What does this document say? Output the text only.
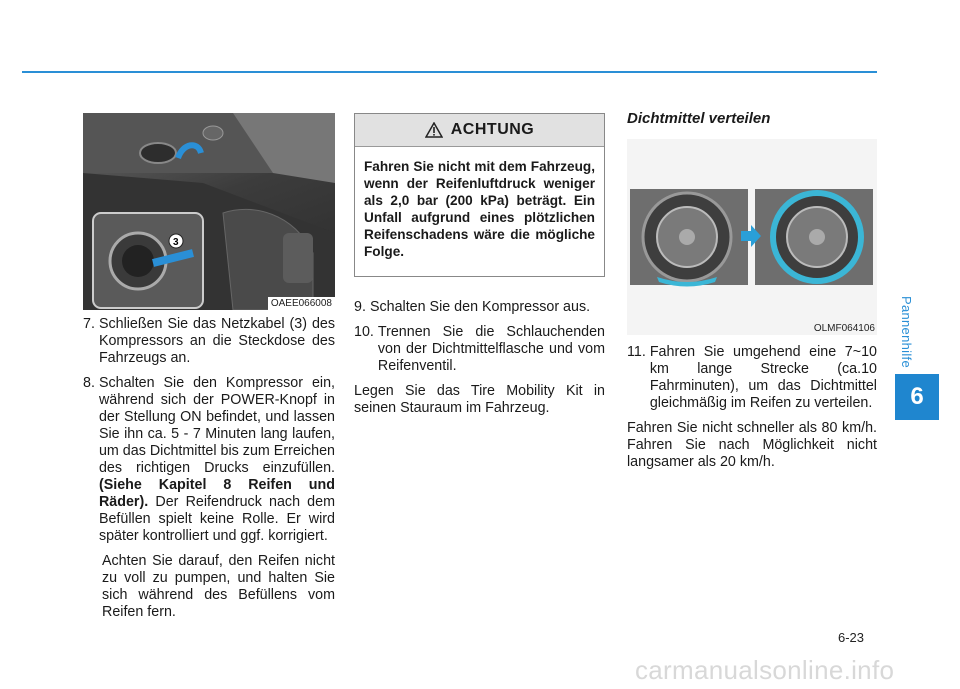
Pannenhilfe
6
3
OAEE066008
7. Schließen Sie das Netzkabel (3) des Kompressors an die Steckdose des Fahrzeugs an.
8. Schalten Sie den Kompressor ein, während sich der POWER-Knopf in der Stellung ON befindet, und lassen Sie ihn ca. 5 - 7 Minuten lang laufen, um das Dichtmittel bis zum Erreichen des richtigen Drucks einzufüllen. (Siehe Kapitel 8 Reifen und Räder). Der Reifendruck nach dem Befüllen spielt keine Rolle. Er wird später kontrolliert und ggf. korrigiert.
Achten Sie darauf, den Reifen nicht zu voll zu pumpen, und halten Sie sich während des Befüllens vom Reifen fern.
ACHTUNG
Fahren Sie nicht mit dem Fahrzeug, wenn der Reifenluftdruck weniger als 2,0 bar (200 kPa) beträgt. Ein Unfall aufgrund eines plötzlichen Reifenschadens wäre die mögliche Folge.
9. Schalten Sie den Kompressor aus.
10. Trennen Sie die Schlauchenden von der Dichtmittelflasche und vom Reifenventil.
Legen Sie das Tire Mobility Kit in seinen Stauraum im Fahrzeug.
Dichtmittel verteilen
OLMF064106
11. Fahren Sie umgehend eine 7~10 km lange Strecke (ca.10 Fahrminuten), um das Dichtmittel gleichmäßig im Reifen zu verteilen.
Fahren Sie nicht schneller als 80 km/h. Fahren Sie nach Möglichkeit nicht langsamer als 20 km/h.
6-23
carmanualsonline.info
